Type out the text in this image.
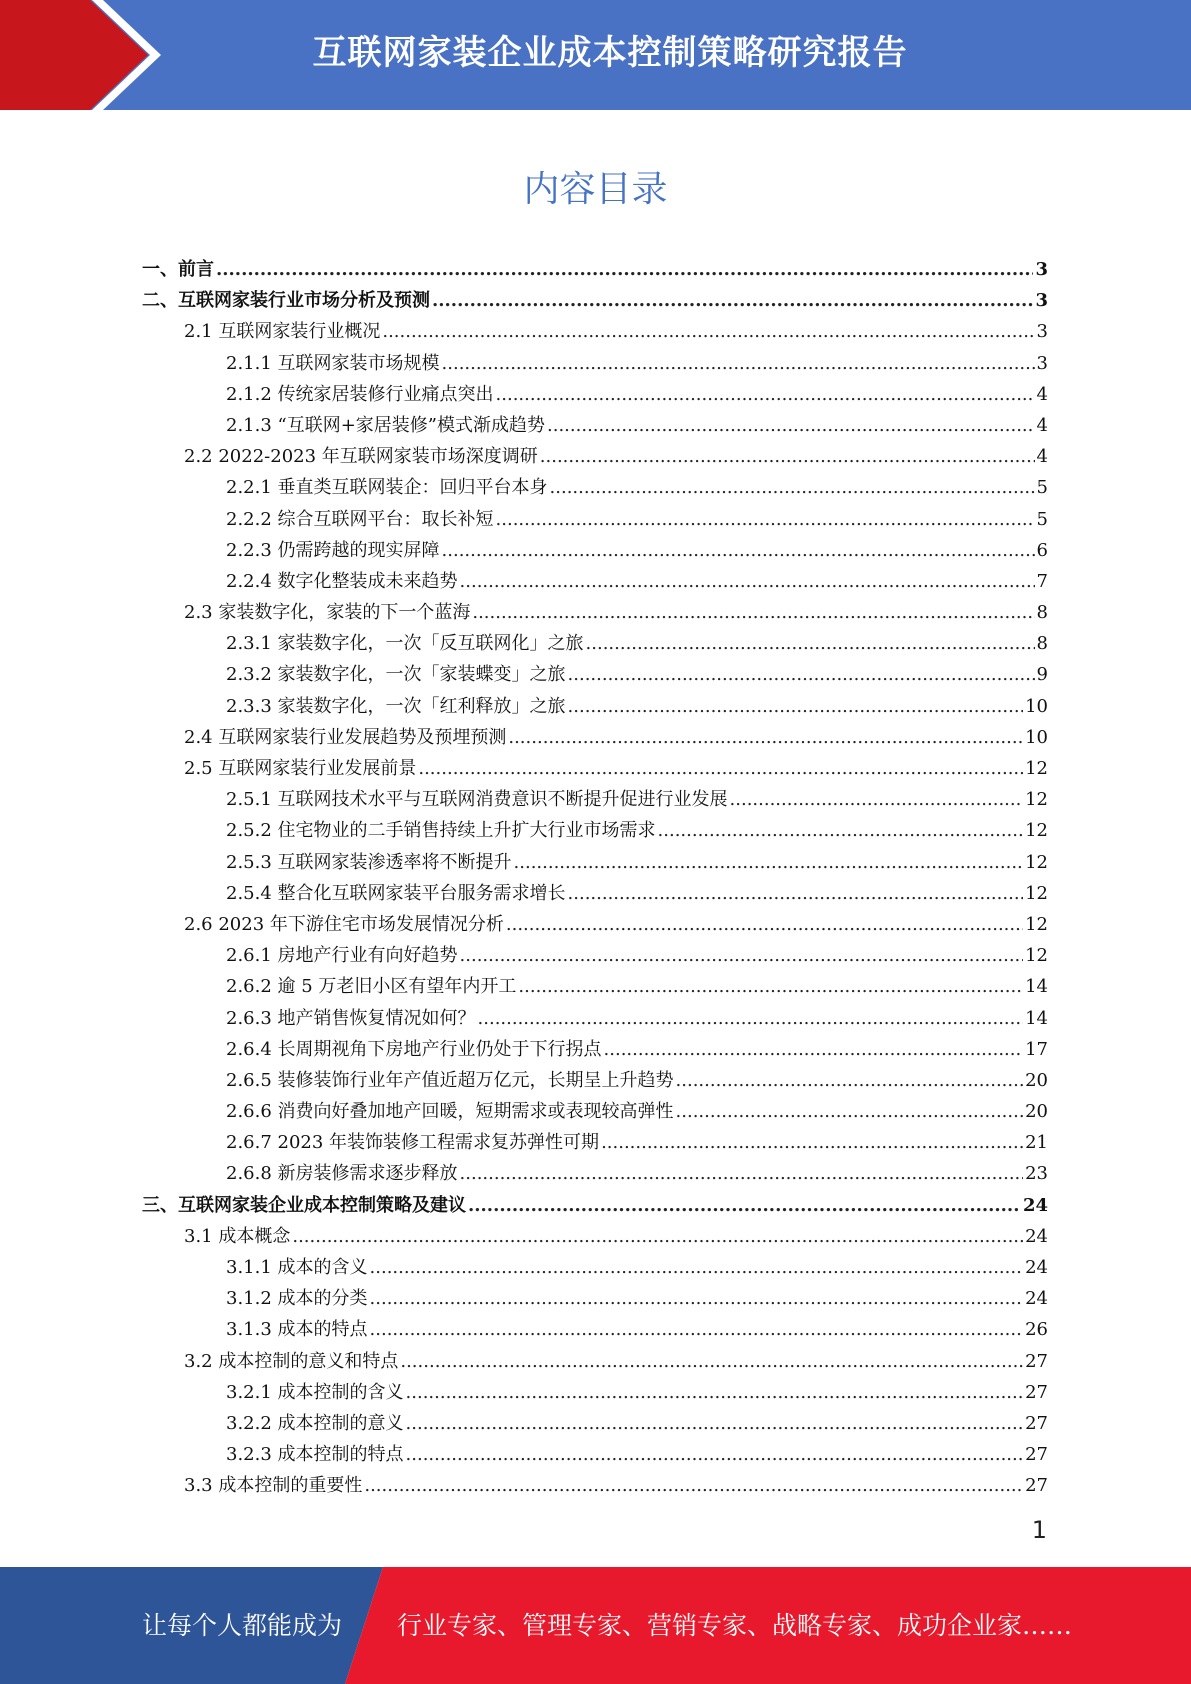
互联网家装企业成本控制策略研究报告
内容目录
一、前言 .....	3
二、互联网家装行业市场分析及预测 .....	3
2.1 互联网家装行业概况 .....	3
2.1.1 互联网家装市场规模 .....	3
2.1.2 传统家居装修行业痛点突出 .....	4
2.1.3 “互联网+家居装修”模式渐成趋势 .....	4
2.2 2022-2023 年互联网家装市场深度调研 .....	4
2.2.1 垂直类互联网装企：回归平台本身 .....	5
2.2.2 综合互联网平台：取长补短 .....	5
2.2.3 仍需跨越的现实屏障 .....	6
2.2.4 数字化整装成未来趋势 .....	7
2.3 家装数字化，家装的下一个蓝海 .....	8
2.3.1 家装数字化，一次「反互联网化」之旅 .....	8
2.3.2 家装数字化，一次「家装蝶变」之旅 .....	9
2.3.3 家装数字化，一次「红利释放」之旅 .....	10
2.4 互联网家装行业发展趋势及预埋预测 .....	10
2.5 互联网家装行业发展前景 .....	12
2.5.1 互联网技术水平与互联网消费意识不断提升促进行业发展 .....	12
2.5.2 住宅物业的二手销售持续上升扩大行业市场需求 .....	12
2.5.3 互联网家装渗透率将不断提升 .....	12
2.5.4 整合化互联网家装平台服务需求增长 .....	12
2.6 2023 年下游住宅市场发展情况分析 .....	12
2.6.1 房地产行业有向好趋势 .....	12
2.6.2 逾 5 万老旧小区有望年内开工 .....	14
2.6.3 地产销售恢复情况如何？ .....	14
2.6.4 长周期视角下房地产行业仍处于下行拐点 .....	17
2.6.5 装修装饰行业年产值近超万亿元，长期呈上升趋势 .....	20
2.6.6 消费向好叠加地产回暖，短期需求或表现较高弹性 .....	20
2.6.7 2023 年装饰装修工程需求复苏弹性可期 .....	21
2.6.8 新房装修需求逐步释放 .....	23
三、互联网家装企业成本控制策略及建议 .....	24
3.1 成本概念 .....	24
3.1.1 成本的含义 .....	24
3.1.2 成本的分类 .....	24
3.1.3 成本的特点 .....	26
3.2 成本控制的意义和特点 .....	27
3.2.1 成本控制的含义 .....	27
3.2.2 成本控制的意义 .....	27
3.2.3 成本控制的特点 .....	27
3.3 成本控制的重要性 .....	27
1
让每个人都能成为 行业专家、管理专家、营销专家、战略专家、成功企业家……
